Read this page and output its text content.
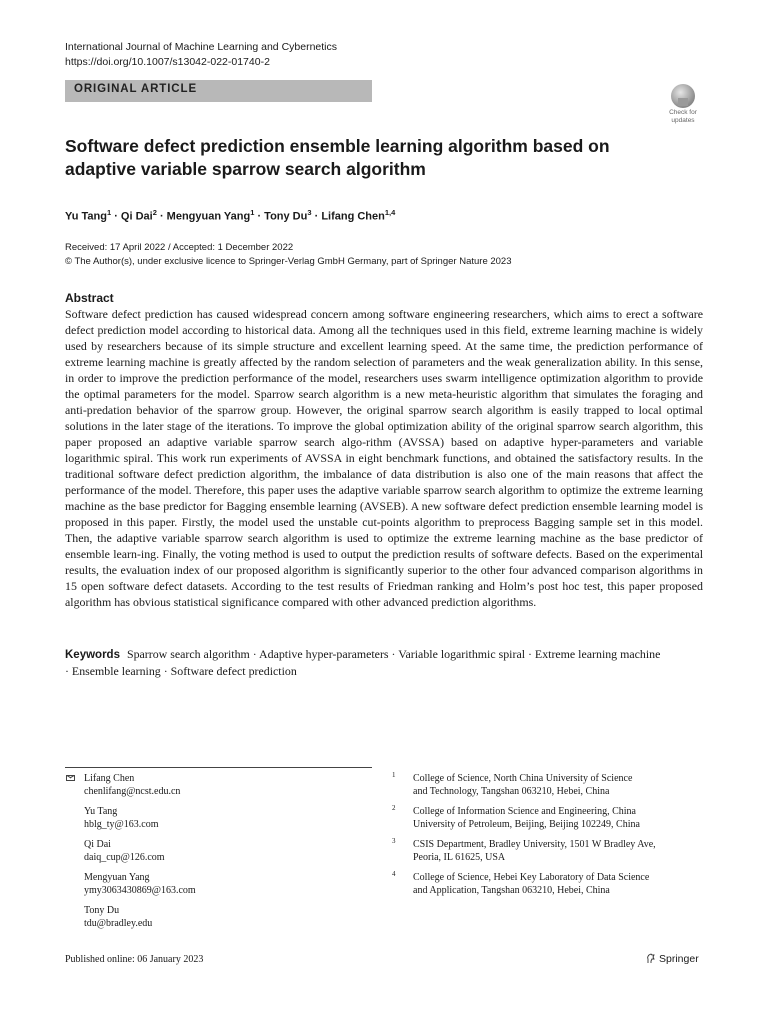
International Journal of Machine Learning and Cybernetics
https://doi.org/10.1007/s13042-022-01740-2
ORIGINAL ARTICLE
Check for
updates
Software defect prediction ensemble learning algorithm based on adaptive variable sparrow search algorithm
Yu Tang$^1$ · Qi Dai$^2$ · Mengyuan Yang$^1$ · Tony $Du^3$ · Lifang Chen$^{1,4}$
Received: 17 April 2022 / Accepted: 1 December 2022
© The Author(s), under exclusive licence to Springer-Verlag GmbH Germany, part of Springer Nature 2023
Abstract

Software defect prediction has caused widespread concern among software engineering researchers, which aims to erect a software defect prediction model according to historical data. Among all the techniques used in this field, extreme learning machine is widely used by researchers because of its simple structure and excellent learning speed. At the same time, the prediction performance of extreme learning machine is greatly affected by the random selection of parameters and the weak generalization ability. In this sense, in order to improve the prediction performance of the model, researchers uses swarm intelligence optimization algorithm to provide the optimal parameters for the model. Sparrow search algorithm is a new meta-heuristic algorithm that simulates the foraging and anti-predation behavior of the sparrow group. However, the original sparrow search algorithm is easily trapped to local optimal solutions in the later stage of the iterations. To improve the global optimization ability of the original sparrow search algorithm, this paper proposed an adaptive variable sparrow search algo-rithm (AVSSA) based on adaptive hyper-parameters and variable logarithmic spiral. This work run experiments of AVSSA in eight benchmark functions, and obtained the satisfactory results. In the traditional software defect prediction algorithm, the imbalance of data distribution is also one of the main reasons that affect the performance of the model. Therefore, this paper uses the adaptive variable sparrow search algorithm to optimize the extreme learning machine as the base predictor for Bagging ensemble learning (AVSEB). A new software defect prediction ensemble learning model is proposed in this paper. Firstly, the model used the unstable cut-points algorithm to preprocess Bagging sample set in this model. Then, the adaptive variable sparrow search algorithm is used to optimize the extreme learning machine as the base predictor of ensemble learn-ing. Finally, the voting method is used to output the prediction results of software defects. Based on the experimental results, the evaluation index of our proposed algorithm is significantly superior to the other four advanced comparison algorithms in 15 open software defect datasets. According to the test results of Friedman ranking and Holm’s post hoc test, this paper proposed algorithm has obvious statistical significance compared with other advanced prediction algorithms.

Keywords Sparrow search algorithm · Adaptive hyper-parameters · Variable logarithmic spiral · Extreme learning machine · Ensemble learning · Software defect prediction
Lifang Chen
chenlifang@ncst.edu.cn
Yu Tang
hblg_ty@163.com
Qi Dai
daiq_cup@126.com
Mengyuan Yang
ymy3063430869@163.com
Tony Du
tdu@bradley.edu
1 College of Science, North China University of Science
and Technology, Tangshan 063210, Hebei, China
2 College of Information Science and Engineering, China
University of Petroleum, Beijing, Beijing 102249, China
3 CSIS Department, Bradley University, 1501 W Bradley Ave,
Peoria, IL 61625, USA
4 College of Science, Hebei Key Laboratory of Data Science
and Application, Tangshan 063210, Hebei, China
Published online: 06 January 2023	Springer
